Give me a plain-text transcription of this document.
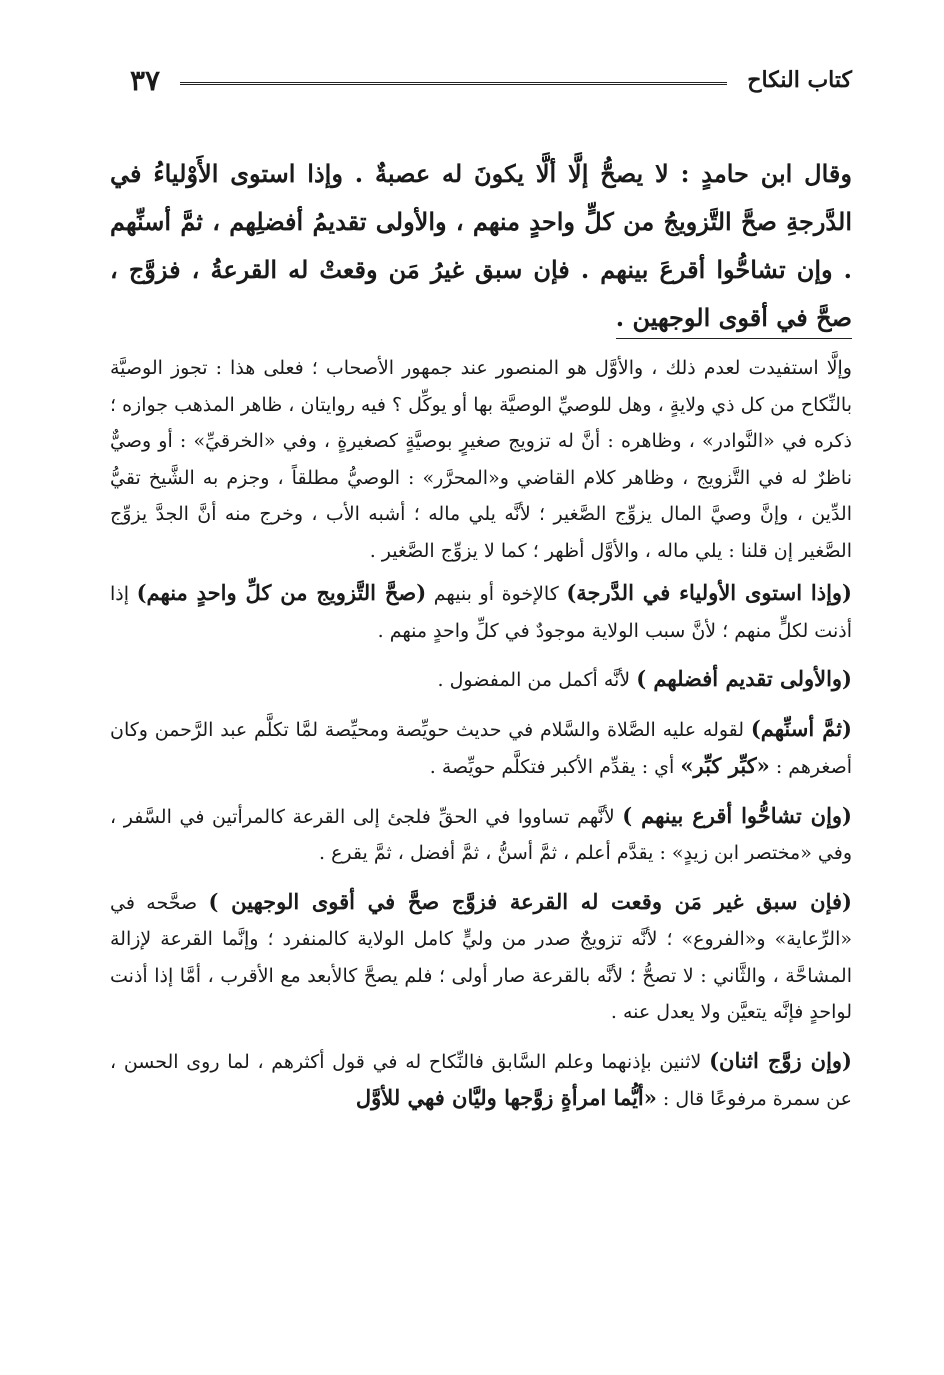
كتاب النكاح
٣٧
وقال ابن حامدٍ : لا يصحُّ إلَّا ألَّا يكونَ له عصبةٌ . وإذا استوى الأَوْلياءُ في الدَّرجةِ صحَّ التَّزويجُ من كلٍّ واحدٍ منهم ، والأولى تقديمُ أفضلِهم ، ثمَّ أسنِّهم . وإن تشاحُّوا أقرعَ بينهم . فإن سبق غيرُ مَن وقعتْ له القرعةُ ، فزوَّج ، صحَّ في أقوى الوجهين .

وإلَّا استفيدت لعدم ذلك ، والأوَّل هو المنصور عند جمهور الأصحاب ؛ فعلى هذا : تجوز الوصيَّة بالنِّكاح من كل ذي ولايةٍ ، وهل للوصيِّ الوصيَّة بها أو يوكِّل ؟ فيه روايتان ، ظاهر المذهب جوازه ؛ ذكره في «النَّوادر» ، وظاهره : أنَّ له تزويج صغيرٍ بوصيَّةٍ كصغيرةٍ ، وفي «الخرقيِّ» : أو وصيٌّ ناظرٌ له في التَّزويج ، وظاهر كلام القاضي و«المحرَّر» : الوصيُّ مطلقاً ، وجزم به الشَّيخ تقيُّ الدِّين ، وإنَّ وصيَّ المال يزوِّج الصَّغير ؛ لأنَّه يلي ماله ؛ أشبه الأب ، وخرج منه أنَّ الجدَّ يزوِّج الصَّغير إن قلنا : يلي ماله ، والأوَّل أظهر ؛ كما لا يزوِّج الصَّغير .

(وإذا استوى الأولياء في الدَّرجة) كالإخوة أو بنيهم (صحَّ التَّزويج من كلِّ واحدٍ منهم) إذا أذنت لكلٍّ منهم ؛ لأنَّ سبب الولاية موجودٌ في كلِّ واحدٍ منهم .

(والأولى تقديم أفضلهم ) لأنَّه أكمل من المفضول .

(ثمَّ أسنِّهم) لقوله عليه الصَّلاة والسَّلام في حديث حويِّصة ومحيِّصة لمَّا تكلَّم عبد الرَّحمن وكان أصغرهم : «كبِّر كبِّر» أي : يقدِّم الأكبر فتكلَّم حويِّصة .

(وإن تشاحُّوا أقرع بينهم ) لأنَّهم تساووا في الحقِّ فلجئ إلى القرعة كالمرأتين في السَّفر ، وفي «مختصر ابن زيدٍ» : يقدَّم أعلم ، ثمَّ أسنُّ ، ثمَّ أفضل ، ثمَّ يقرع .

(فإن سبق غير مَن وقعت له القرعة فزوَّج صحَّ في أقوى الوجهين ) صحَّحه في «الرِّعاية» و«الفروع» ؛ لأنَّه تزويجٌ صدر من وليٍّ كامل الولاية كالمنفرد ؛ وإنَّما القرعة لإزالة المشاحَّة ، والثَّاني : لا تصحُّ ؛ لأنَّه بالقرعة صار أولى ؛ فلم يصحَّ كالأبعد مع الأقرب ، أمَّا إذا أذنت لواحدٍ فإنَّه يتعيَّن ولا يعدل عنه .

(وإن زوَّج اثنان) لاثنين بإذنهما وعلم السَّابق فالنِّكاح له في قول أكثرهم ، لما روى الحسن ، عن سمرة مرفوعًا قال : «أيُّما امرأةٍ زوَّجها وليَّان فهي للأوَّل
